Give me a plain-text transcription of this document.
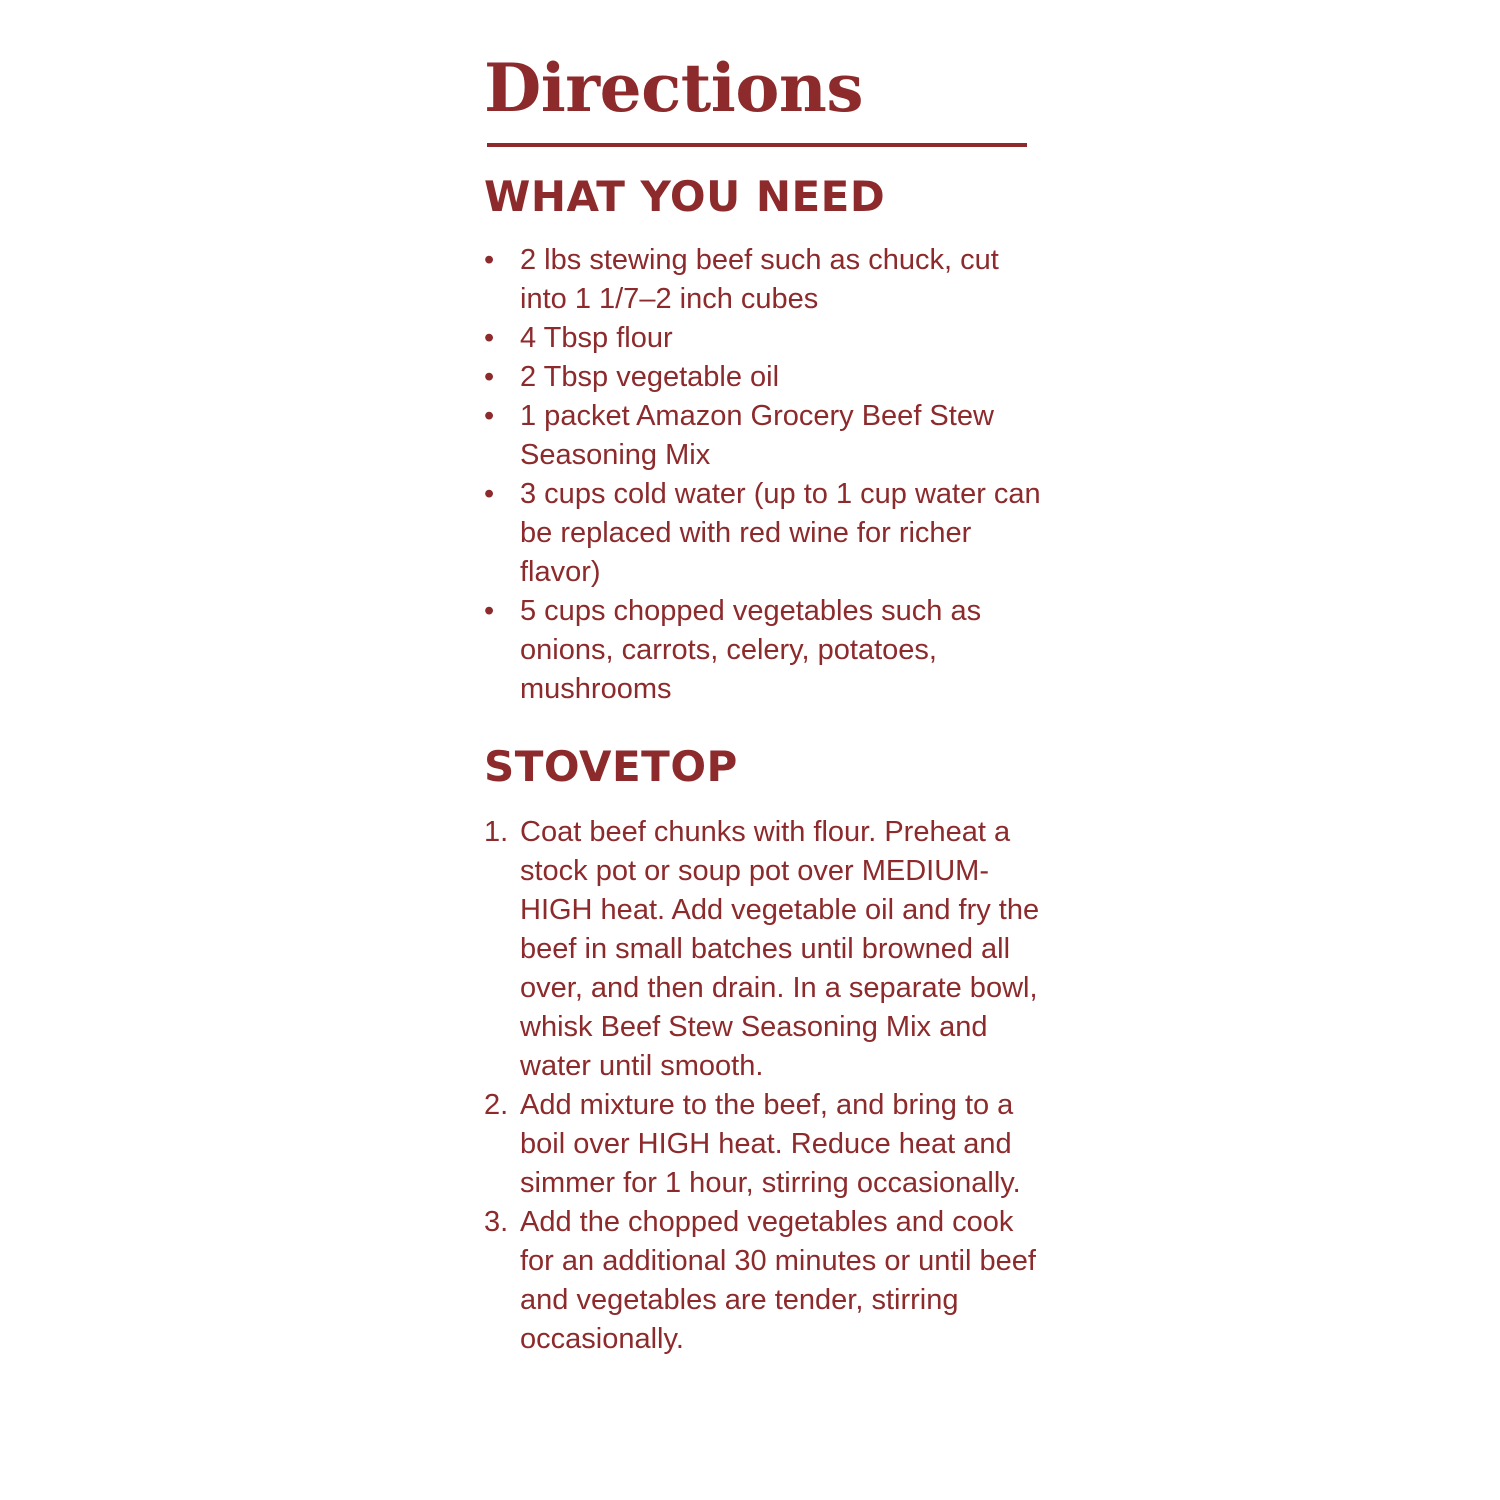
Directions
WHAT YOU NEED
• 2 lbs stewing beef such as chuck, cut into 1 1/7–2 inch cubes
• 4 Tbsp flour
• 2 Tbsp vegetable oil
• 1 packet Amazon Grocery Beef Stew Seasoning Mix
• 3 cups cold water (up to 1 cup water can be replaced with red wine for richer flavor)
• 5 cups chopped vegetables such as onions, carrots, celery, potatoes, mushrooms
STOVETOP
1. Coat beef chunks with flour. Preheat a stock pot or soup pot over MEDIUM-HIGH heat. Add vegetable oil and fry the beef in small batches until browned all over, and then drain. In a separate bowl, whisk Beef Stew Seasoning Mix and water until smooth.
2. Add mixture to the beef, and bring to a boil over HIGH heat. Reduce heat and simmer for 1 hour, stirring occasionally.
3. Add the chopped vegetables and cook for an additional 30 minutes or until beef and vegetables are tender, stirring occasionally.
